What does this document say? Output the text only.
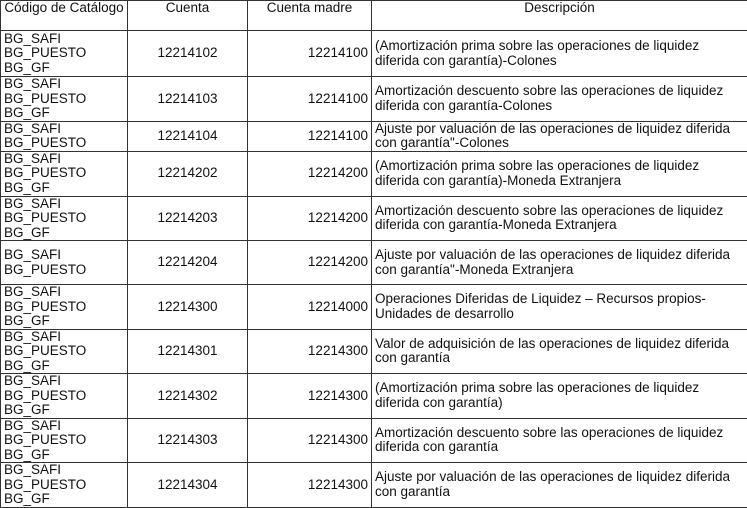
Código de Catálogo	Cuenta	Cuenta madre	Descripción

BG_SAFI
BG_PUESTO
BG_GF	12214102	12214100	(Amortización prima sobre las operaciones de liquidez diferida con garantía)-Colones

BG_SAFI
BG_PUESTO
BG_GF	12214103	12214100	Amortización descuento sobre las operaciones de liquidez diferida con garantía-Colones

BG_SAFI
BG_PUESTO	12214104	12214100	Ajuste por valuación de las operaciones de liquidez diferida con garantía"-Colones

BG_SAFI
BG_PUESTO
BG_GF	12214202	12214200	(Amortización prima sobre las operaciones de liquidez diferida con garantía)-Moneda Extranjera

BG_SAFI
BG_PUESTO
BG_GF	12214203	12214200	Amortización descuento sobre las operaciones de liquidez diferida con garantía-Moneda Extranjera

BG_SAFI
BG_PUESTO	12214204	12214200	Ajuste por valuación de las operaciones de liquidez diferida con garantía"-Moneda Extranjera

BG_SAFI
BG_PUESTO
BG_GF	12214300	12214000	Operaciones Diferidas de Liquidez – Recursos propios-Unidades de desarrollo

BG_SAFI
BG_PUESTO
BG_GF	12214301	12214300	Valor de adquisición de las operaciones de liquidez diferida con garantía

BG_SAFI
BG_PUESTO
BG_GF	12214302	12214300	(Amortización prima sobre las operaciones de liquidez diferida con garantía)

BG_SAFI
BG_PUESTO
BG_GF	12214303	12214300	Amortización descuento sobre las operaciones de liquidez diferida con garantía

BG_SAFI
BG_PUESTO
BG_GF	12214304	12214300	Ajuste por valuación de las operaciones de liquidez diferida con garantía
